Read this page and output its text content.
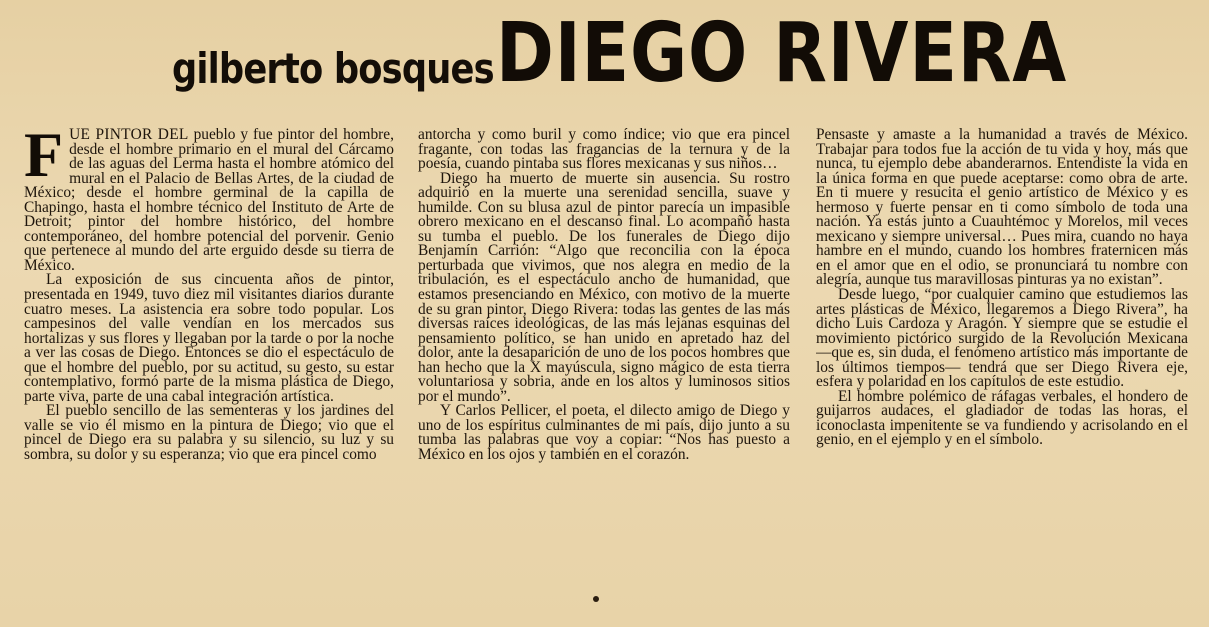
gilberto bosques DIEGO RIVERA

FUE PINTOR DEL pueblo y fue pintor del hombre, desde el hombre primario en el mural del Cárcamo de las aguas del Lerma hasta el hombre atómico del mural en el Palacio de Bellas Artes, de la ciudad de México; desde el hombre germinal de la capilla de Chapingo, hasta el hombre técnico del Instituto de Arte de Detroit; pintor del hombre histórico, del hombre contemporáneo, del hombre potencial del porvenir. Genio que pertenece al mundo del arte erguido desde su tierra de México.

La exposición de sus cincuenta años de pintor, presentada en 1949, tuvo diez mil visitantes diarios durante cuatro meses. La asistencia era sobre todo popular. Los campesinos del valle vendían en los mercados sus hortalizas y sus flores y llegaban por la tarde o por la noche a ver las cosas de Diego. Entonces se dio el espectáculo de que el hombre del pueblo, por su actitud, su gesto, su estar contemplativo, formó parte de la misma plástica de Diego, parte viva, parte de una cabal integración artística.

El pueblo sencillo de las sementeras y los jardines del valle se vio él mismo en la pintura de Diego; vio que el pincel de Diego era su palabra y su silencio, su luz y su sombra, su dolor y su esperanza; vio que era pincel como

antorcha y como buril y como índice; vio que era pincel fragante, con todas las fragancias de la ternura y de la poesía, cuando pintaba sus flores mexicanas y sus niños…

Diego ha muerto de muerte sin ausencia. Su rostro adquirió en la muerte una serenidad sencilla, suave y humilde. Con su blusa azul de pintor parecía un impasible obrero mexicano en el descanso final. Lo acompañó hasta su tumba el pueblo. De los funerales de Diego dijo Benjamín Carrión: “Algo que reconcilia con la época perturbada que vivimos, que nos alegra en medio de la tribulación, es el espectáculo ancho de humanidad, que estamos presenciando en México, con motivo de la muerte de su gran pintor, Diego Rivera: todas las gentes de las más diversas raíces ideológicas, de las más lejanas esquinas del pensamiento político, se han unido en apretado haz del dolor, ante la desaparición de uno de los pocos hombres que han hecho que la X mayúscula, signo mágico de esta tierra voluntariosa y sobria, ande en los altos y luminosos sitios por el mundo”.

Y Carlos Pellicer, el poeta, el dilecto amigo de Diego y uno de los espíritus culminantes de mi país, dijo junto a su tumba las palabras que voy a copiar: “Nos has puesto a México en los ojos y también en el corazón.

Pensaste y amaste a la humanidad a través de México. Trabajar para todos fue la acción de tu vida y hoy, más que nunca, tu ejemplo debe abanderarnos. Entendiste la vida en la única forma en que puede aceptarse: como obra de arte. En ti muere y resucita el genio artístico de México y es hermoso y fuerte pensar en ti como símbolo de toda una nación. Ya estás junto a Cuauhtémoc y Morelos, mil veces mexicano y siempre universal… Pues mira, cuando no haya hambre en el mundo, cuando los hombres fraternicen más en el amor que en el odio, se pronunciará tu nombre con alegría, aunque tus maravillosas pinturas ya no existan”.

Desde luego, “por cualquier camino que estudiemos las artes plásticas de México, llegaremos a Diego Rivera”, ha dicho Luis Cardoza y Aragón. Y siempre que se estudie el movimiento pictórico surgido de la Revolución Mexicana —que es, sin duda, el fenómeno artístico más importante de los últimos tiempos— tendrá que ser Diego Rivera eje, esfera y polaridad en los capítulos de este estudio.

El hombre polémico de ráfagas verbales, el hondero de guijarros audaces, el gladiador de todas las horas, el iconoclasta impenitente se va fundiendo y acrisolando en el genio, en el ejemplo y en el símbolo.
